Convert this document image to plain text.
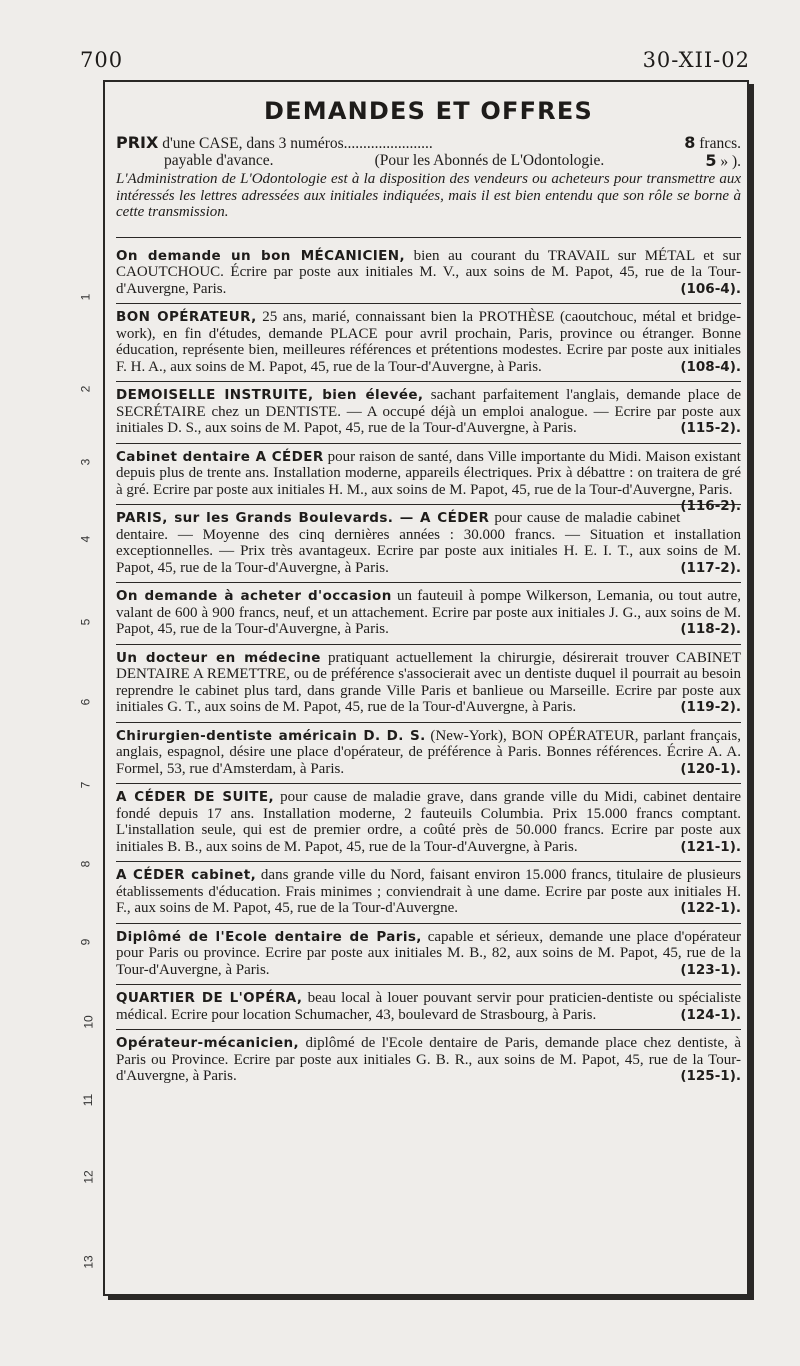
700	30-XII-02
1
2
3
4
5
6
7
8
9
10
11
12
13
DEMANDES ET OFFRES
PRIX d'une CASE, dans 3 numéros.......................	8 francs.
payable d'avance.	(Pour les Abonnés de L'Odontologie.	5 » ).

L'Administration de L'Odontologie est à la disposition des vendeurs ou acheteurs pour transmettre aux intéressés les lettres adressées aux initiales indiquées, mais il est bien entendu que son rôle se borne à cette transmission.

On demande un bon MÉCANICIEN, bien au courant du TRAVAIL sur MÉTAL et sur CAOUTCHOUC. Écrire par poste aux initiales M. V., aux soins de M. Papot, 45, rue de la Tour-d'Auvergne, Paris.	(106-4).

BON OPÉRATEUR, 25 ans, marié, connaissant bien la PROTHÈSE (caoutchouc, métal et bridge-work), en fin d'études, demande PLACE pour avril prochain, Paris, province ou étranger. Bonne éducation, représente bien, meilleures références et prétentions modestes. Ecrire par poste aux initiales F. H. A., aux soins de M. Papot, 45, rue de la Tour-d'Auvergne, à Paris.	(108-4).

DEMOISELLE INSTRUITE, bien élevée, sachant parfaitement l'anglais, demande place de SECRÉTAIRE chez un DENTISTE. — A occupé déjà un emploi analogue. — Ecrire par poste aux initiales D. S., aux soins de M. Papot, 45, rue de la Tour-d'Auvergne, à Paris.	(115-2).

Cabinet dentaire A CÉDER pour raison de santé, dans Ville importante du Midi. Maison existant depuis plus de trente ans. Installation moderne, appareils électriques. Prix à débattre : on traitera de gré à gré. Ecrire par poste aux initiales H. M., aux soins de M. Papot, 45, rue de la Tour-d'Auvergne, Paris.
(116-2).

PARIS, sur les Grands Boulevards. — A CÉDER pour cause de maladie cabinet dentaire. — Moyenne des cinq dernières années : 30.000 francs. — Situation et installation exceptionnelles. — Prix très avantageux. Ecrire par poste aux initiales H. E. I. T., aux soins de M. Papot, 45, rue de la Tour-d'Auvergne, à Paris.	(117-2).

On demande à acheter d'occasion un fauteuil à pompe Wilkerson, Lemania, ou tout autre, valant de 600 à 900 francs, neuf, et un attachement. Ecrire par poste aux initiales J. G., aux soins de M. Papot, 45, rue de la Tour-d'Auvergne, à Paris.	(118-2).

Un docteur en médecine pratiquant actuellement la chirurgie, désirerait trouver CABINET DENTAIRE A REMETTRE, ou de préférence s'associerait avec un dentiste duquel il pourrait au besoin reprendre le cabinet plus tard, dans grande Ville Paris et banlieue ou Marseille. Ecrire par poste aux initiales G. T., aux soins de M. Papot, 45, rue de la Tour-d'Auvergne, à Paris.	(119-2).

Chirurgien-dentiste américain D. D. S. (New-York), BON OPÉRATEUR, parlant français, anglais, espagnol, désire une place d'opérateur, de préférence à Paris. Bonnes références. Écrire A. A. Formel, 53, rue d'Amsterdam, à Paris.	(120-1).

A CÉDER DE SUITE, pour cause de maladie grave, dans grande ville du Midi, cabinet dentaire fondé depuis 17 ans. Installation moderne, 2 fauteuils Columbia. Prix 15.000 francs comptant. L'installation seule, qui est de premier ordre, a coûté près de 50.000 francs. Ecrire par poste aux initiales B. B., aux soins de M. Papot, 45, rue de la Tour-d'Auvergne, à Paris.	(121-1).

A CÉDER cabinet, dans grande ville du Nord, faisant environ 15.000 francs, titulaire de plusieurs établissements d'éducation. Frais minimes ; conviendrait à une dame. Ecrire par poste aux initiales H. F., aux soins de M. Papot, 45, rue de la Tour-d'Auvergne.	(122-1).

Diplômé de l'Ecole dentaire de Paris, capable et sérieux, demande une place d'opérateur pour Paris ou province. Ecrire par poste aux initiales M. B., 82, aux soins de M. Papot, 45, rue de la Tour-d'Auvergne, à Paris.	(123-1).

QUARTIER DE L'OPÉRA, beau local à louer pouvant servir pour praticien-dentiste ou spécialiste médical. Ecrire pour location Schumacher, 43, boulevard de Strasbourg, à Paris.	(124-1).

Opérateur-mécanicien, diplômé de l'Ecole dentaire de Paris, demande place chez dentiste, à Paris ou Province. Ecrire par poste aux initiales G. B. R., aux soins de M. Papot, 45, rue de la Tour-d'Auvergne, à Paris.	(125-1).
